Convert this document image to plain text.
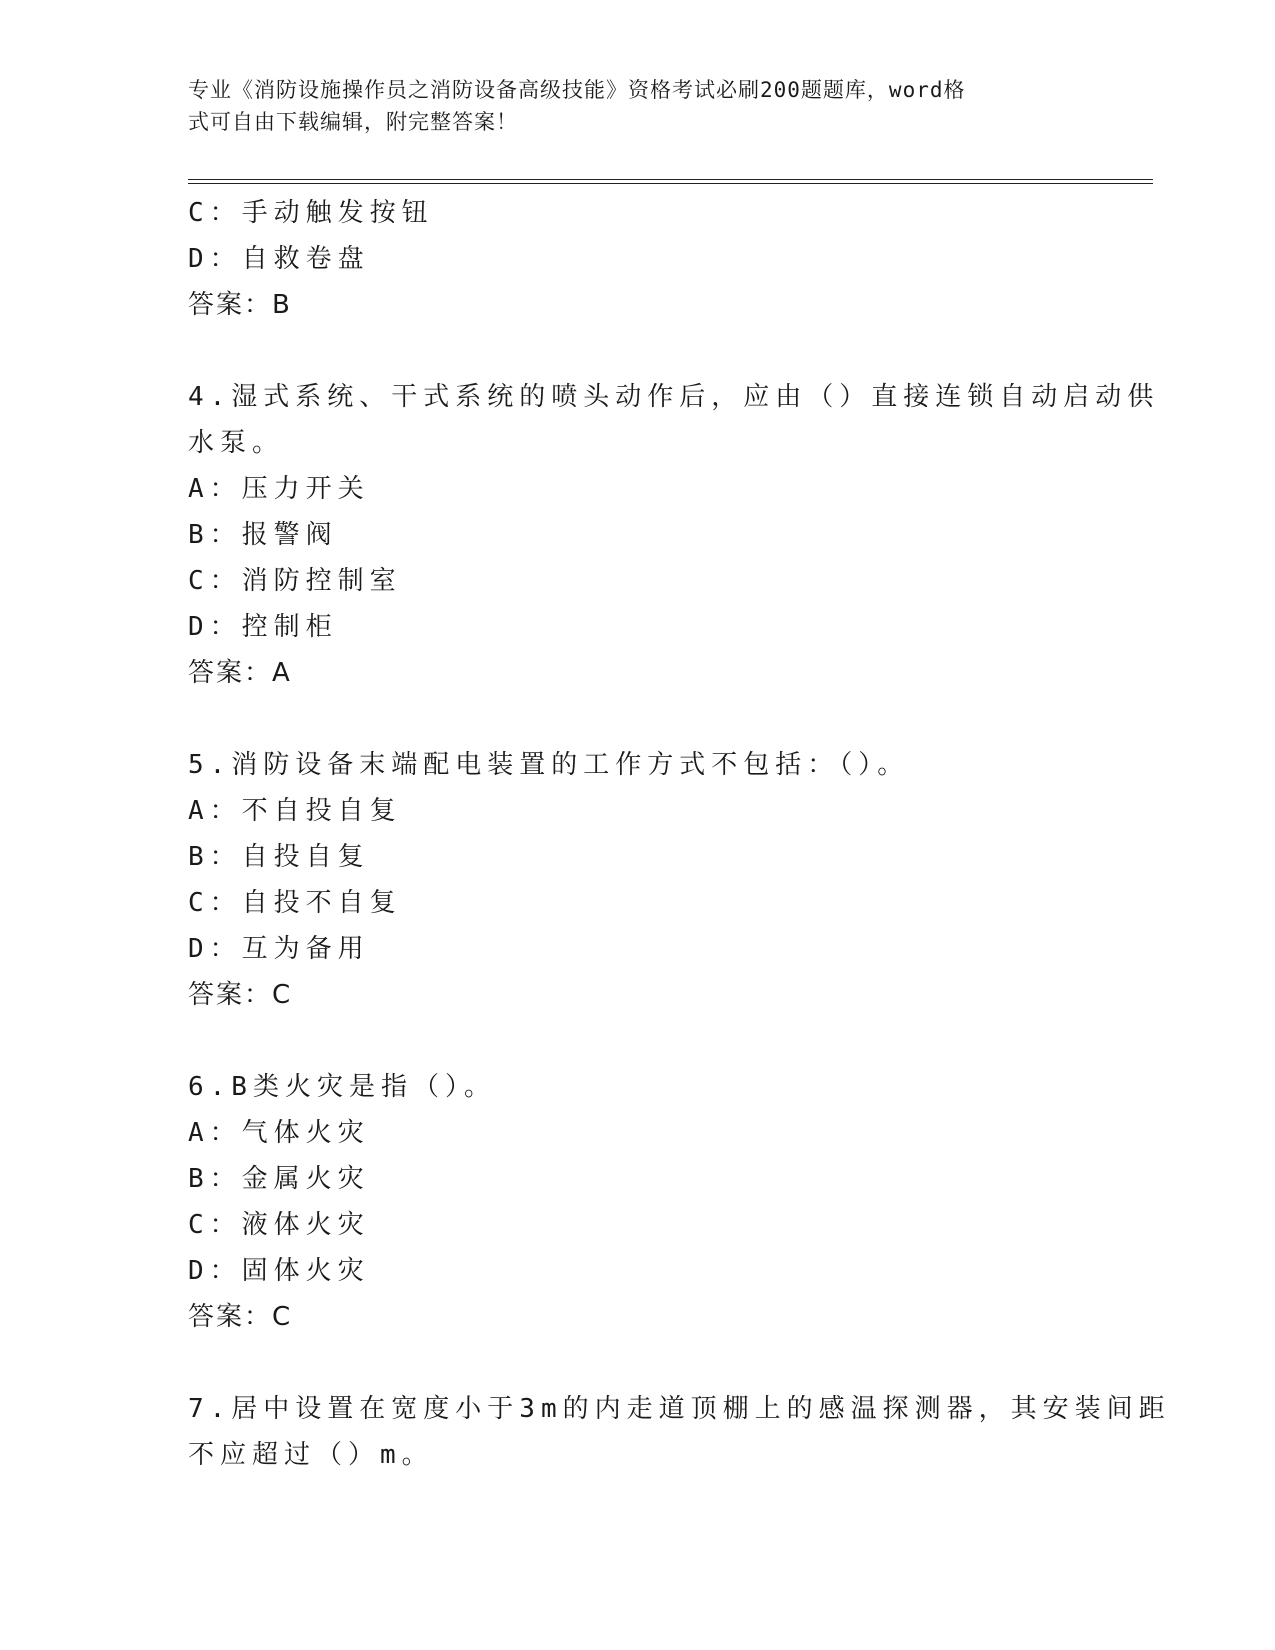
专业《消防设施操作员之消防设备高级技能》资格考试必刷200题题库，word格
式可自由下载编辑，附完整答案！
C：手动触发按钮
D：自救卷盘
答案：B
4.湿式系统、干式系统的喷头动作后，应由（）直接连锁自动启动供
水泵。
A：压力开关
B：报警阀
C：消防控制室
D：控制柜
答案：A
5.消防设备末端配电装置的工作方式不包括：（）。
A：不自投自复
B：自投自复
C：自投不自复
D：互为备用
答案：C
6.B类火灾是指（）。
A：气体火灾
B：金属火灾
C：液体火灾
D：固体火灾
答案：C
7.居中设置在宽度小于3m的内走道顶棚上的感温探测器，其安装间距
不应超过（）m。
